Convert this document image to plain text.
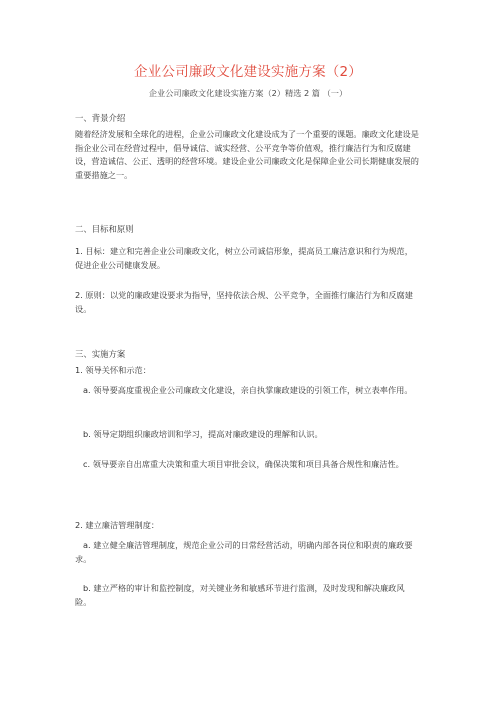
企业公司廉政文化建设实施方案（2）
企业公司廉政文化建设实施方案（2）精选 2 篇 （一）
一、背景介绍
随着经济发展和全球化的进程，企业公司廉政文化建设成为了一个重要的课题。廉政文化建设是指企业公司在经营过程中，倡导诚信、诚实经营、公平竞争等价值观，推行廉洁行为和反腐建设，营造诚信、公正、透明的经营环境。建设企业公司廉政文化是保障企业公司长期健康发展的重要措施之一。
二、目标和原则
1. 目标：建立和完善企业公司廉政文化，树立公司诚信形象，提高员工廉洁意识和行为规范，促进企业公司健康发展。
2. 原则：以党的廉政建设要求为指导，坚持依法合规、公平竞争，全面推行廉洁行为和反腐建设。
三、实施方案
1. 领导关怀和示范：
a. 领导要高度重视企业公司廉政文化建设，亲自执掌廉政建设的引领工作，树立表率作用。
b. 领导定期组织廉政培训和学习，提高对廉政建设的理解和认识。
c. 领导要亲自出席重大决策和重大项目审批会议，确保决策和项目具备合规性和廉洁性。
2. 建立廉洁管理制度：
a. 建立健全廉洁管理制度，规范企业公司的日常经营活动，明确内部各岗位和职责的廉政要求。
b. 建立严格的审计和监控制度，对关键业务和敏感环节进行监测，及时发现和解决廉政风险。
